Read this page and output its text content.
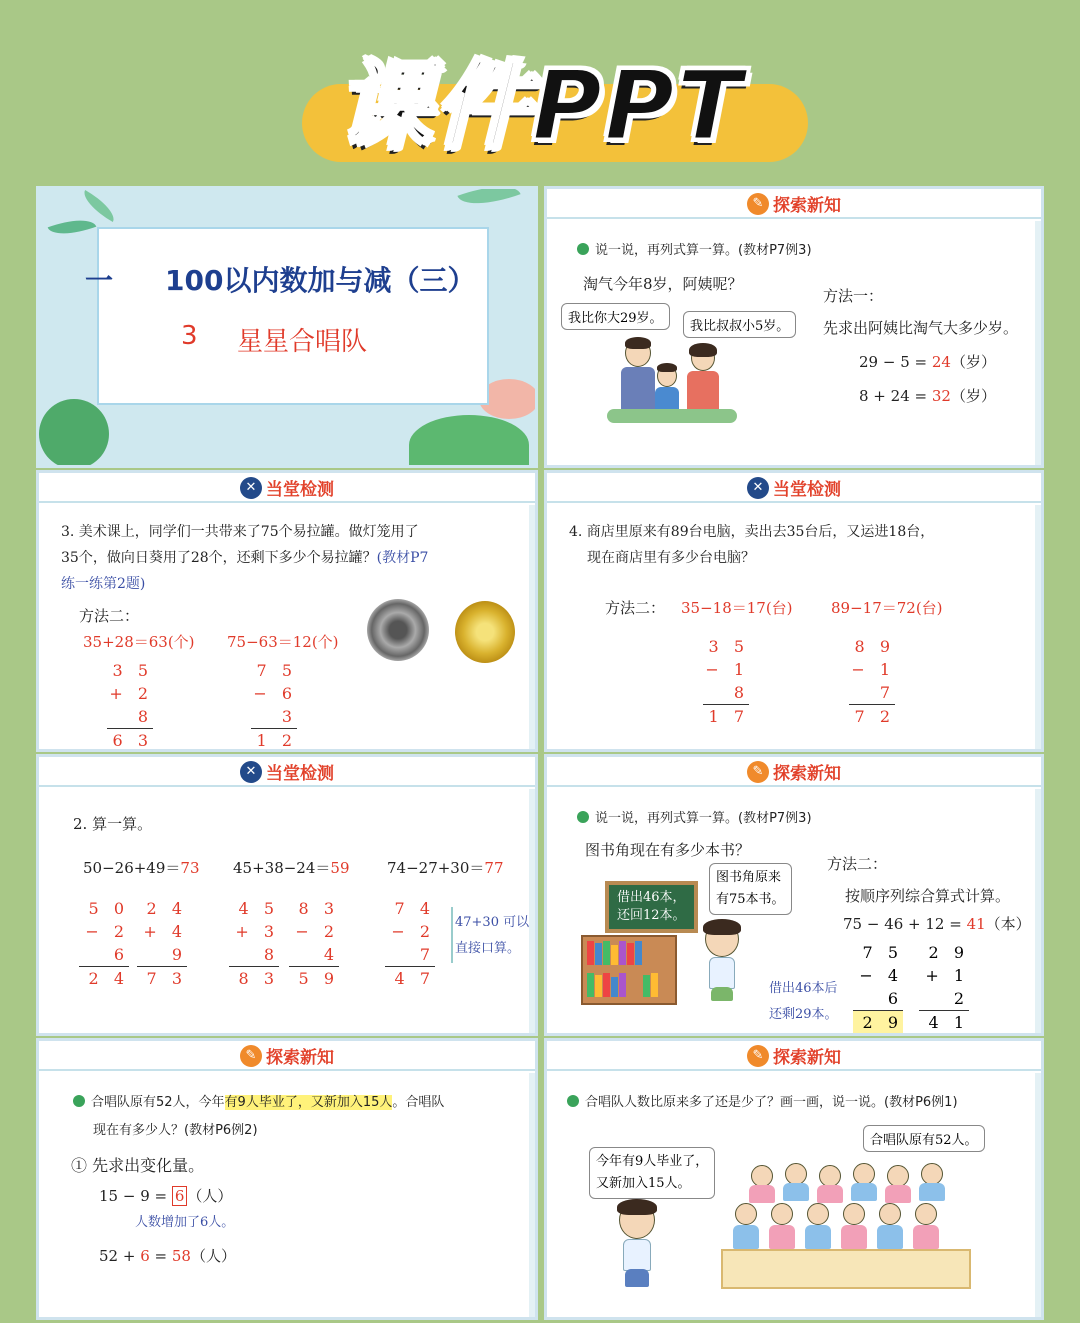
课件PPT
一 100以内数加与减（三）
3 星星合唱队
✎ 探索新知
说一说，再列式算一算。(教材P7例3)
淘气今年8岁，阿姨呢？
我比你大29岁。
我比叔叔小5岁。
方法一：
先求出阿姨比淘气大多少岁。
29 − 5 = 24（岁）
8 + 24 = 32（岁）
✕ 当堂检测
3. 美术课上，同学们一共带来了75个易拉罐。做灯笼用了
35个，做向日葵用了28个，还剩下多少个易拉罐？(教材P7
练一练第2题)
方法二：
35+28＝63(个) 75−63＝12(个)
3 5
+ 2 8
6 3
7 5
− 6 3
1 2
✕ 当堂检测
4. 商店里原来有89台电脑，卖出去35台后，又运进18台，
现在商店里有多少台电脑？
方法二： 35−18＝17(台)	89−17＝72(台)
3 5
− 1 8
1 7
8 9
− 1 7
7 2
✕ 当堂检测
2. 算一算。
50−26+49＝73 45+38−24＝59	74−27+30＝77
5 0
− 2 6
2 4
2 4
+ 4 9
7 3
4 5
+ 3 8
8 3
8 3
− 2 4
5 9
7 4
− 2 7
4 7
47+30 可以
直接口算。
✎ 探索新知
说一说，再列式算一算。(教材P7例3)
图书角现在有多少本书？
借出46本，
还回12本。
图书角原来
有75本书。
借出46本后
还剩29本。
方法二：
按顺序列综合算式计算。
75 − 46 + 12 = 41（本）
7 5
− 4 6
2 9
2 9
+ 1 2
4 1
✎ 探索新知
合唱队原有52人，今年有9人毕业了，又新加入15人。合唱队
现在有多少人？(教材P6例2)
① 先求出变化量。
15 − 9 = 6 （人）
人数增加了6人。
52 + 6 = 58（人）
✎ 探索新知
合唱队人数比原来多了还是少了？画一画，说一说。(教材P6例1)
今年有9人毕业了，
又新加入15人。
合唱队原有52人。
